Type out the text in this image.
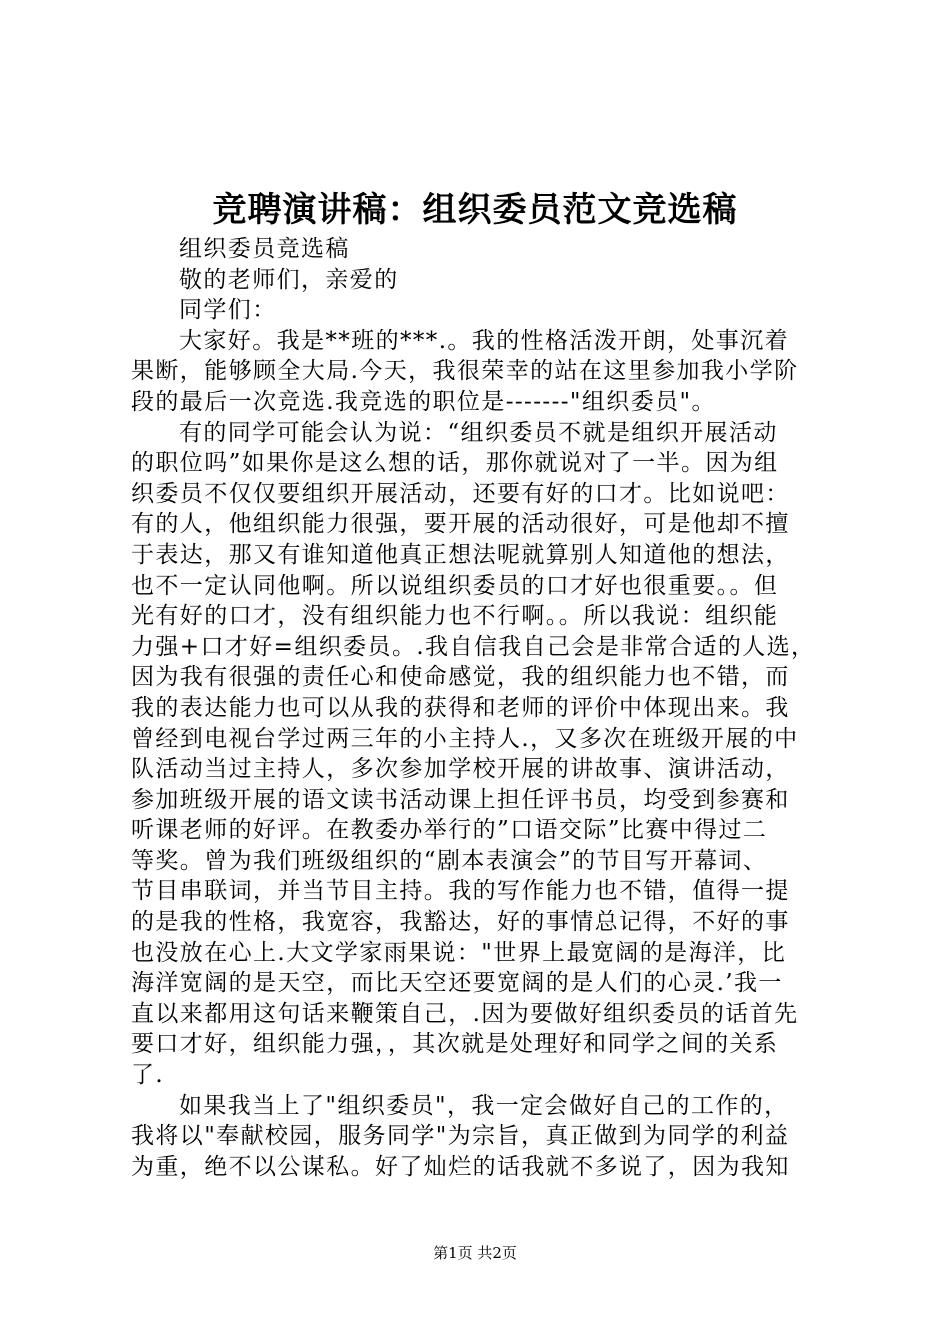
竞聘演讲稿：组织委员范文竞选稿
组织委员竞选稿
敬的老师们，亲爱的
同学们：
大家好。我是**班的***.。我的性格活泼开朗，处事沉着
果断，能够顾全大局.今天，我很荣幸的站在这里参加我小学阶
段的最后一次竞选.我竞选的职位是-------"组织委员"。
有的同学可能会认为说：“组织委员不就是组织开展活动
的职位吗”如果你是这么想的话，那你就说对了一半。因为组
织委员不仅仅要组织开展活动，还要有好的口才。比如说吧：
有的人，他组织能力很强，要开展的活动很好，可是他却不擅
于表达，那又有谁知道他真正想法呢就算别人知道他的想法，
也不一定认同他啊。所以说组织委员的口才好也很重要。。但
光有好的口才，没有组织能力也不行啊。。所以我说：组织能
力强+口才好=组织委员。.我自信我自己会是非常合适的人选，
因为我有很强的责任心和使命感觉，我的组织能力也不错，而
我的表达能力也可以从我的获得和老师的评价中体现出来。我
曾经到电视台学过两三年的小主持人.，又多次在班级开展的中
队活动当过主持人，多次参加学校开展的讲故事、演讲活动，
参加班级开展的语文读书活动课上担任评书员，均受到参赛和
听课老师的好评。在教委办举行的”口语交际”比赛中得过二
等奖。曾为我们班级组织的“剧本表演会”的节目写开幕词、
节目串联词，并当节目主持。我的写作能力也不错，值得一提
的是我的性格，我宽容，我豁达，好的事情总记得，不好的事
也没放在心上.大文学家雨果说："世界上最宽阔的是海洋，比
海洋宽阔的是天空，而比天空还要宽阔的是人们的心灵.’我一
直以来都用这句话来鞭策自己，.因为要做好组织委员的话首先
要口才好，组织能力强，，其次就是处理好和同学之间的关系
了.
如果我当上了"组织委员"，我一定会做好自己的工作的，
我将以"奉献校园，服务同学"为宗旨，真正做到为同学的利益
为重，绝不以公谋私。好了灿烂的话我就不多说了，因为我知
第1页 共2页
